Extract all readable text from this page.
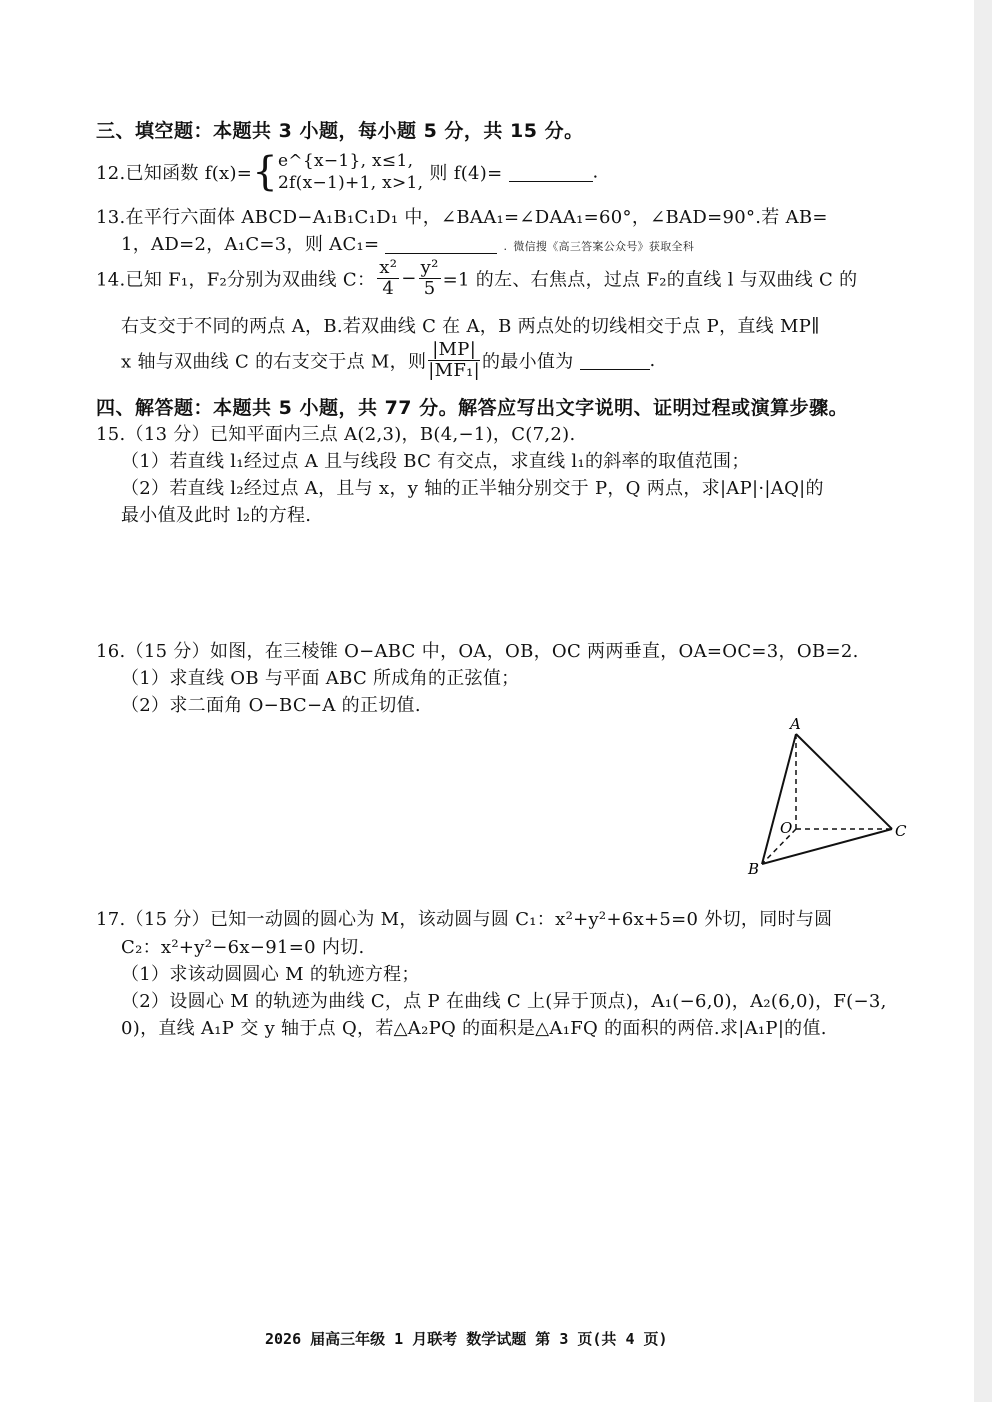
三、填空题：本题共 3 小题，每小题 5 分，共 15 分。
12.已知函数 f(x)={ e^{x−1}, x≤1,
2f(x−1)+1, x>1, 则 f(4)=	.
13.在平行六面体 ABCD−A₁B₁C₁D₁ 中，∠BAA₁=∠DAA₁=60°，∠BAD=90°.若 AB=
1，AD=2，A₁C=3，则 AC₁=	. 微信搜《高三答案公众号》获取全科
14.已知 F₁，F₂分别为双曲线 C： $\frac{\text{x²}}{4} - \frac{\text{y²}}{5} =1$ 的左、右焦点，过点 F₂的直线 l 与双曲线 C 的
右支交于不同的两点 A，B.若双曲线 C 在 A，B 两点处的切线相交于点 P，直线 MP∥
x 轴与双曲线 C 的右支交于点 M，则 $\frac{|MP|}{\text{|MF₁|}}$ 的最小值为	.
四、解答题：本题共 5 小题，共 77 分。解答应写出文字说明、证明过程或演算步骤。
15.（13 分）已知平面内三点 A(2,3)，B(4,−1)，C(7,2).
（1）若直线 l₁经过点 A 且与线段 BC 有交点，求直线 l₁的斜率的取值范围；
（2）若直线 l₂经过点 A，且与 x，y 轴的正半轴分别交于 P，Q 两点，求|AP|·|AQ|的
最小值及此时 l₂的方程.
16.（15 分）如图，在三棱锥 O−ABC 中，OA，OB，OC 两两垂直，OA=OC=3，OB=2.
（1）求直线 OB 与平面 ABC 所成角的正弦值；
（2）求二面角 O−BC−A 的正切值.
A
O
B
C
17.（15 分）已知一动圆的圆心为 M，该动圆与圆 C₁：x²+y²+6x+5=0 外切，同时与圆
C₂：x²+y²−6x−91=0 内切.
（1）求该动圆圆心 M 的轨迹方程；
（2）设圆心 M 的轨迹为曲线 C，点 P 在曲线 C 上(异于顶点)，A₁(−6,0)，A₂(6,0)，F(−3,
0)，直线 A₁P 交 y 轴于点 Q，若△A₂PQ 的面积是△A₁FQ 的面积的两倍.求|A₁P|的值.
2026 届高三年级 1 月联考 数学试题 第 3 页(共 4 页)
